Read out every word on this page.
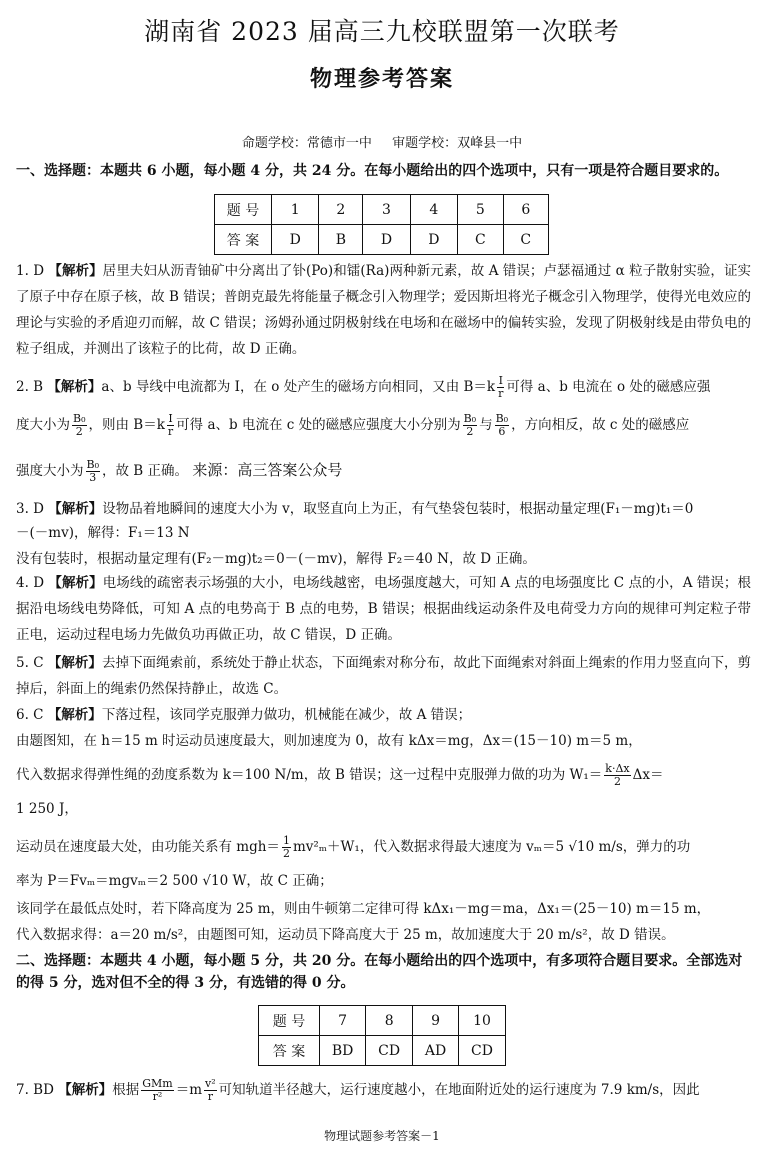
湖南省 2023 届高三九校联盟第一次联考
物理参考答案
命题学校：常德市一中 审题学校：双峰县一中
一、选择题：本题共 6 小题，每小题 4 分，共 24 分。在每小题给出的四个选项中，只有一项是符合题目要求的。
题 号	1	2	3	4	5	6
答 案	D	B	D	D	C	C
1. D 【解析】居里夫妇从沥青铀矿中分离出了钋(Po)和镭(Ra)两种新元素，故 A 错误；卢瑟福通过 α 粒子散射实验，证实了原子中存在原子核，故 B 错误；普朗克最先将能量子概念引入物理学；爱因斯坦将光子概念引入物理学，使得光电效应的理论与实验的矛盾迎刃而解，故 C 错误；汤姆孙通过阴极射线在电场和在磁场中的偏转实验，发现了阴极射线是由带负电的粒子组成，并测出了该粒子的比荷，故 D 正确。
2. B 【解析】a、b 导线中电流都为 I，在 o 处产生的磁场方向相同，又由 $B=k \frac{I}{r}$ 可得 a、b 电流在 o 处的磁感应强
度大小为 $\frac{\text{B₀}}{2}$ ，则由 $B=k \frac{I}{r}$ 可得 a、b 电流在 c 处的磁感应强度大小分别为 $\frac{\text{B₀}}{2}$ 与 $\frac{\text{B₀}}{6}$ ，方向相反，故 c 处的磁感应
强度大小为 $\frac{\text{B₀}}{3}$ ，故 B 正确。 来源：高三答案公众号
3. D 【解析】设物品着地瞬间的速度大小为 v，取竖直向上为正，有气垫袋包装时，根据动量定理(F₁－mg)t₁＝0
－(－mv)，解得：F₁＝13 N
没有包装时，根据动量定理有(F₂－mg)t₂＝0－(－mv)，解得 F₂＝40 N，故 D 正确。
4. D 【解析】电场线的疏密表示场强的大小，电场线越密，电场强度越大，可知 A 点的电场强度比 C 点的小，A 错误；根据沿电场线电势降低，可知 A 点的电势高于 B 点的电势，B 错误；根据曲线运动条件及电荷受力方向的规律可判定粒子带正电，运动过程电场力先做负功再做正功，故 C 错误，D 正确。
5. C 【解析】去掉下面绳索前，系统处于静止状态，下面绳索对称分布，故此下面绳索对斜面上绳索的作用力竖直向下，剪掉后，斜面上的绳索仍然保持静止，故选 C。
6. C 【解析】下落过程，该同学克服弹力做功，机械能在减少，故 A 错误；
由题图知，在 h＝15 m 时运动员速度最大，则加速度为 0，故有 kΔx＝mg，Δx＝(15－10) m＝5 m，
代入数据求得弹性绳的劲度系数为 k＝100 N/m，故 B 错误；这一过程中克服弹力做的功为 $W_1= \frac{k\cdot\Delta x}{2} \Delta x=$
1 250 J，
运动员在速度最大处，由功能关系有 $mgh= \frac{1}{2} mv^2_m+W_1$，代入数据求得最大速度为 vₘ＝5 √10 m/s，弹力的功
率为 P＝Fvₘ＝mgvₘ＝2 500 √10 W，故 C 正确；
该同学在最低点处时，若下降高度为 25 m，则由牛顿第二定律可得 kΔx₁－mg＝ma，Δx₁＝(25－10) m＝15 m，
代入数据求得：a＝20 m/s²，由题图可知，运动员下降高度大于 25 m，故加速度大于 20 m/s²，故 D 错误。
二、选择题：本题共 4 小题，每小题 5 分，共 20 分。在每小题给出的四个选项中，有多项符合题目要求。全部选对的得 5 分，选对但不全的得 3 分，有选错的得 0 分。
题 号	7	8	9	10
答 案	BD	CD	AD	CD
7. BD 【解析】根据 $\frac{\text{GMm}}{\text{r²}} =m \frac{\text{v²}}{r}$ 可知轨道半径越大，运行速度越小，在地面附近处的运行速度为 7.9 km/s，因此
物理试题参考答案－1
